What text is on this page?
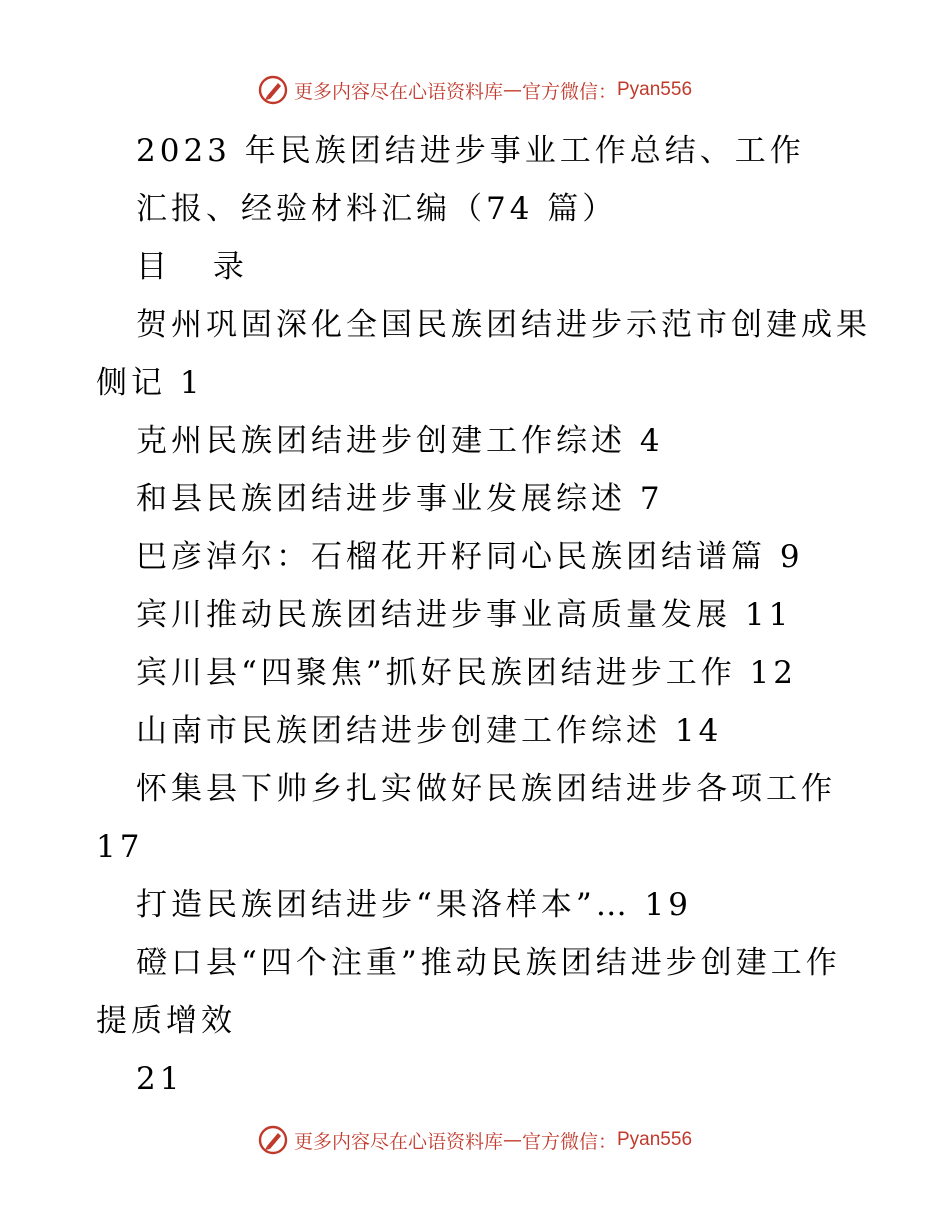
更多内容尽在心语资料库 — 官方微信： Pyan556
2023 年民族团结进步事业工作总结、工作
汇报、经验材料汇编（74 篇）
目 录
贺州巩固深化全国民族团结进步示范市创建成果
侧记 1
克州民族团结进步创建工作综述 4
和县民族团结进步事业发展综述 7
巴彦淖尔：石榴花开籽同心民族团结谱篇 9
宾川推动民族团结进步事业高质量发展 11
宾川县“四聚焦”抓好民族团结进步工作 12
山南市民族团结进步创建工作综述 14
怀集县下帅乡扎实做好民族团结进步各项工作
17
打造民族团结进步“果洛样本”… 19
磴口县“四个注重”推动民族团结进步创建工作
提质增效
21
更多内容尽在心语资料库 — 官方微信： Pyan556
